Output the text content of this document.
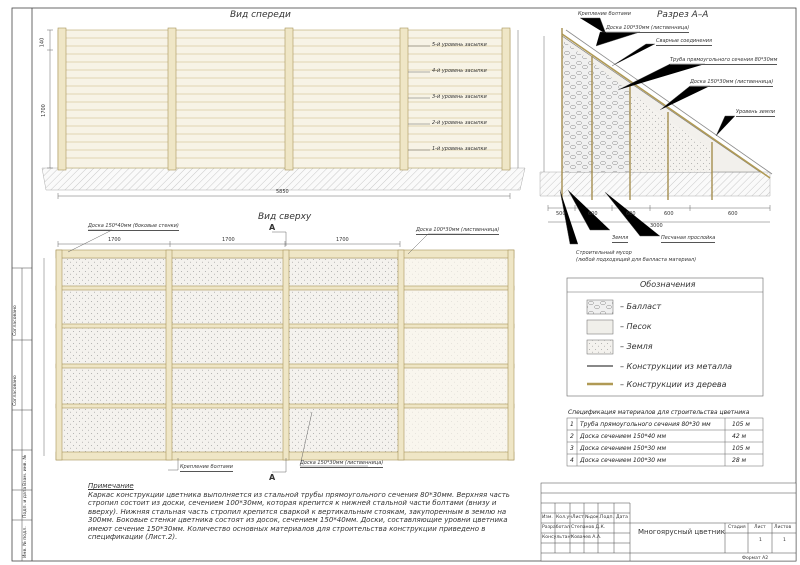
Вид спереди	Разрез A–A
Вид сверху
5-й уровень засыпки
4-й уровень засыпки
3-й уровень засыпки
2-й уровень засыпки
1-й уровень засыпки
5850
1700
140
Крепление болтами
Доска 100*30мм (лиственница)
Сварные соединения
Труба прямоугольного сечения 80*30мм
Доска 150*30мм (лиственница)
Уровень земли
Земля	Песчаная прослойка
Строительный мусор
(любой подходящий для балласта материал)
500	600	600	600	600
3000
Доска 150*40мм (боковые стенки)
Доска 100*30мм (лиственница)
Доска 150*30мм (лиственница)
Крепление болтами
1700	1700	1700
A
A
Обозначения
– Балласт
– Песок
– Земля
– Конструкции из металла
– Конструкции из дерева
Спецификация материалов для строительства цветника
1 Труба прямоугольного сечения 80*30 мм	105 м
2 Доска сечением 150*40 мм	42 м
3 Доска сечением 150*30 мм	105 м
4 Доска сечением 100*30 мм	28 м
Примечание
Каркас конструкции цветника выполняется из стальной трубы прямоугольного сечения 80*30мм. Верхняя часть стропил состоит из доски, сечением 100*30мм, которая крепится к нижней стальной части болтами (внизу и вверху). Нижняя стальная часть стропил крепится сваркой к вертикальным стоякам, закупоренным в землю на 300мм. Боковые стенки цветника состоят из досок, сечением 150*40мм. Доски, составляющие уровни цветника имеют сечение 150*30мм. Количество основных материалов для строительства конструкции приведено в спецификации (Лист.2).
Изм. Кол.уч Лист №док. Подп. Дата
Разработал Степанов Д.К.
Консультант
Ковачев А.А.
Многоярусный цветник
Стадия Лист Листов
1	1
Формат А2
Согласовано
Согласовано
Взам. инв. №
Подп. и дата
Инв. № подл.
